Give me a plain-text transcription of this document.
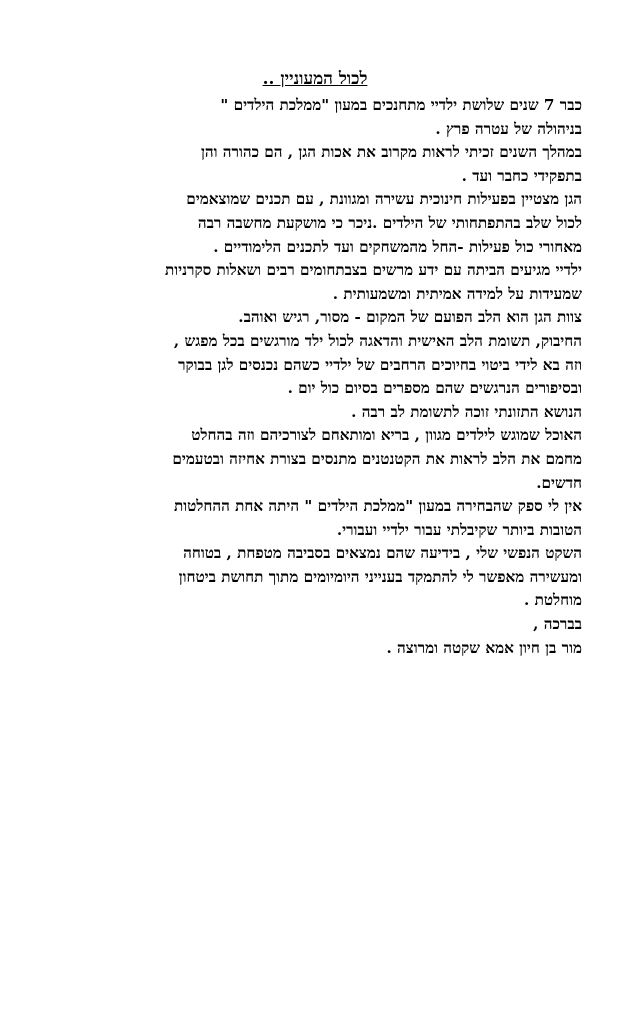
לכול המעוניין ..
כבר 7 שנים שלושת ילדיי מתחנכים במעון "ממלכת הילדים "
בניהולה של עטרה פרץ .
במהלך השנים זכיתי לראות מקרוב את אכות הגן , הם כהורה והן
בתפקידי כחבר ועד .
הגן מצטיין בפעילות חינוכית עשירה ומגוונת , עם תכנים שמוצאמים
לכול שלב בהתפתחותי של הילדים .ניכר כי מושקעת מחשבה רבה
מאחורי כול פעילות -החל מהמשחקים ועד לתכנים הלימודיים .
ילדיי מגיעים הביתה עם ידע מרשים בצבתחומים רבים ושאלות סקרניות
שמעידות על למידה אמיתית ומשמעותית .
צוות הגן הוא הלב הפועם של המקום - מסור, רגיש ואוהב.
החיבוק, תשומת הלב האישית והדאגה לכול ילד מורגשים בכל מפגש ,
וזה בא לידי ביטוי בחיוכים הרחבים של ילדיי כשהם נכנסים לגן בבוקר
ובסיפורים הנרגשים שהם מספרים בסיום כול יום .
הנושא התזונתי זוכה לתשומת לב רבה .
האוכל שמוגש לילדים מגוון , בריא ומותאחם לצורכיהם וזה בהחלט
מחמם את הלב לראות את הקטנטנים מתנסים בצורת אחיזה ובטעמים
חדשים.
אין לי ספק שהבחירה במעון "ממלכת הילדים " היתה אחת ההחלטות
הטובות ביותר שקיבלתי עבור ילדיי ועבורי.
השקט הנפשי שלי , בידיעה שהם נמצאים בסביבה מטפחת , בטוחה
ומעשירה מאפשר לי להתמקד בענייני היומיומים מתוך תחושת ביטחון
מוחלטת .
בברכה ,
מור בן חיון אמא שקטה ומרוצה .
